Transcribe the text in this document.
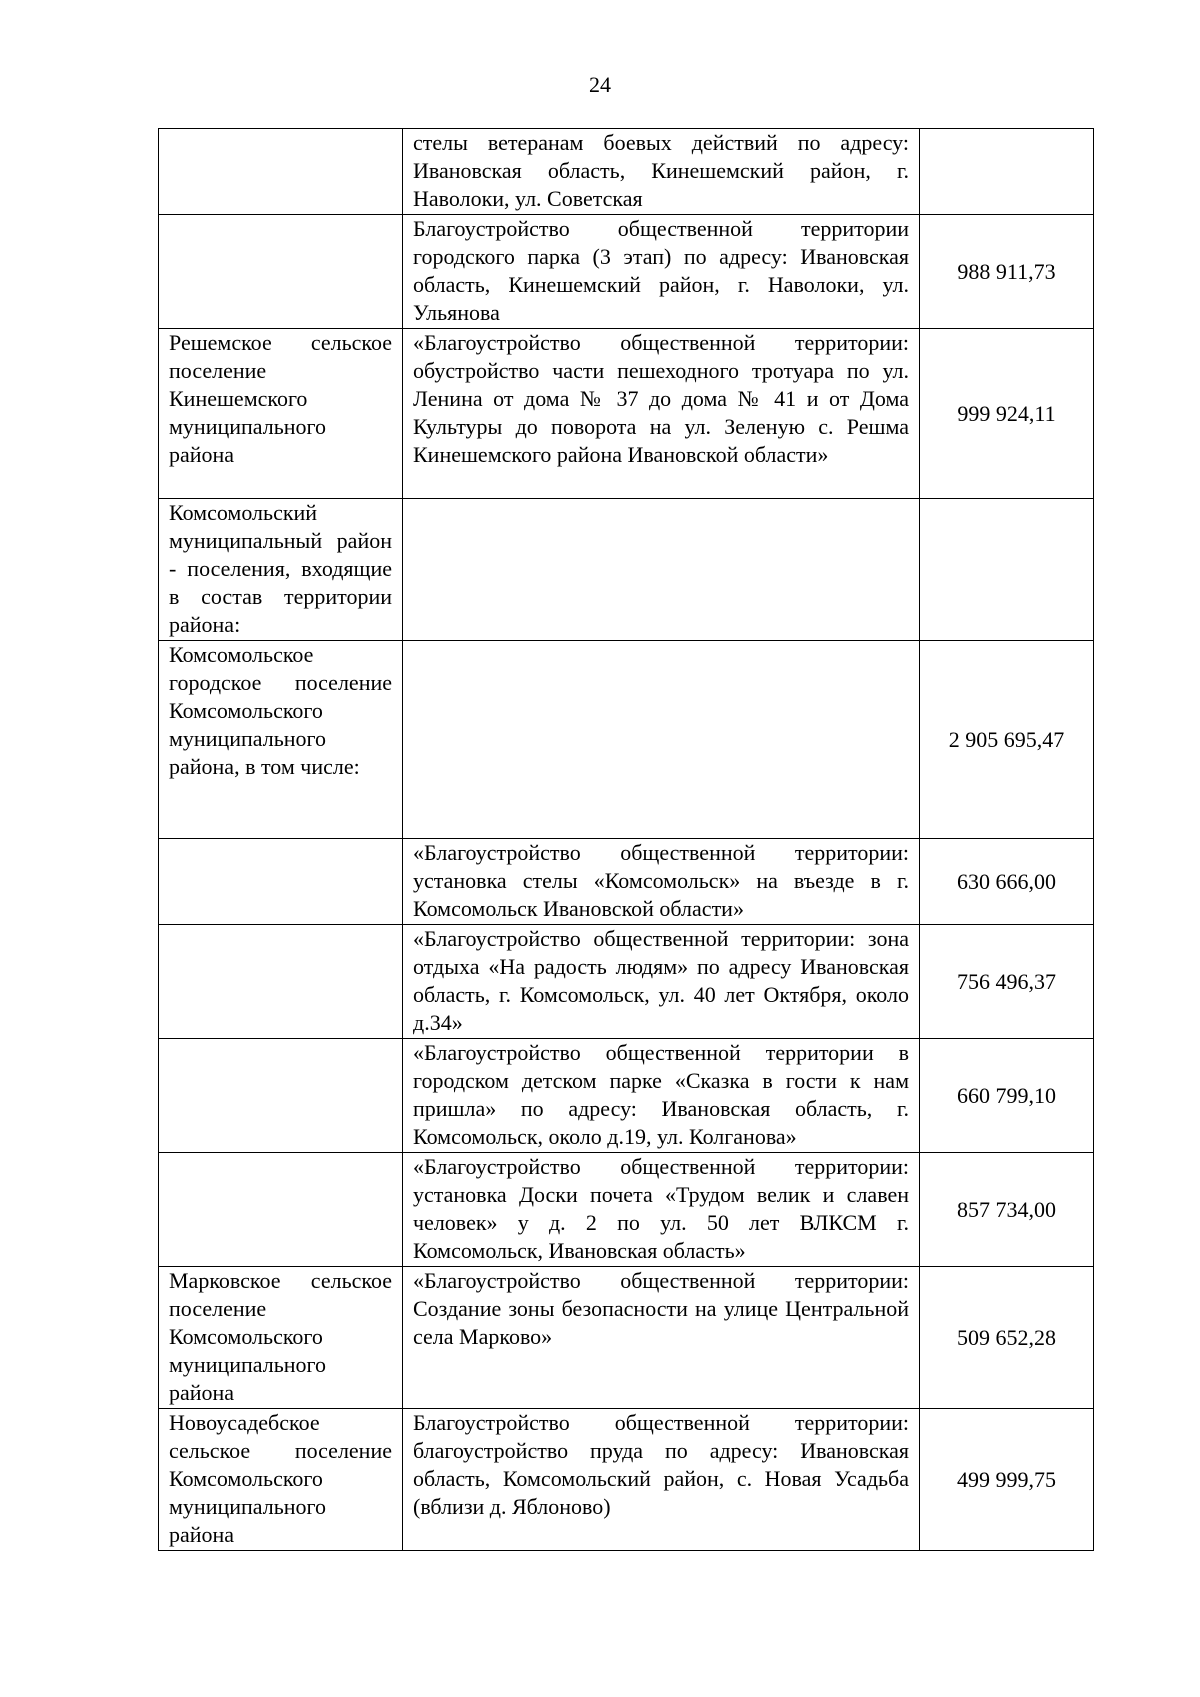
24
	стелы ветеранам боевых действий по адресу: Ивановская область, Кинешемский район, г. Наволоки, ул. Советская	
	Благоустройство общественной территории городского парка (3 этап) по адресу: Ивановская область, Кинешемский район, г. Наволоки, ул. Ульянова	988 911,73
Решемское сельское поселение Кинешемского муниципального района	«Благоустройство общественной территории: обустройство части пешеходного тротуара по ул. Ленина от дома № 37 до дома № 41 и от Дома Культуры до поворота на ул. Зеленую с. Решма Кинешемского района Ивановской области»	999 924,11
Комсомольский муниципальный район - поселения, входящие в состав территории района:		
Комсомольское городское поселение Комсомольского муниципального района, в том числе:		2 905 695,47
	«Благоустройство общественной территории: установка стелы «Комсомольск» на въезде в г. Комсомольск Ивановской области»	630 666,00
	«Благоустройство общественной территории: зона отдыха «На радость людям» по адресу Ивановская область, г. Комсомольск, ул. 40 лет Октября, около д.34»	756 496,37
	«Благоустройство общественной территории в городском детском парке «Сказка в гости к нам пришла» по адресу: Ивановская область, г. Комсомольск, около д.19, ул. Колганова»	660 799,10
	«Благоустройство общественной территории: установка Доски почета «Трудом велик и славен человек» у д. 2 по ул. 50 лет ВЛКСМ г. Комсомольск, Ивановская область»	857 734,00
Марковское сельское поселение Комсомольского муниципального района	«Благоустройство общественной территории: Создание зоны безопасности на улице Центральной села Марково»	509 652,28
Новоусадебское сельское поселение Комсомольского муниципального района	Благоустройство общественной территории: благоустройство пруда по адресу: Ивановская область, Комсомольский район, с. Новая Усадьба (вблизи д. Яблоново)	499 999,75
